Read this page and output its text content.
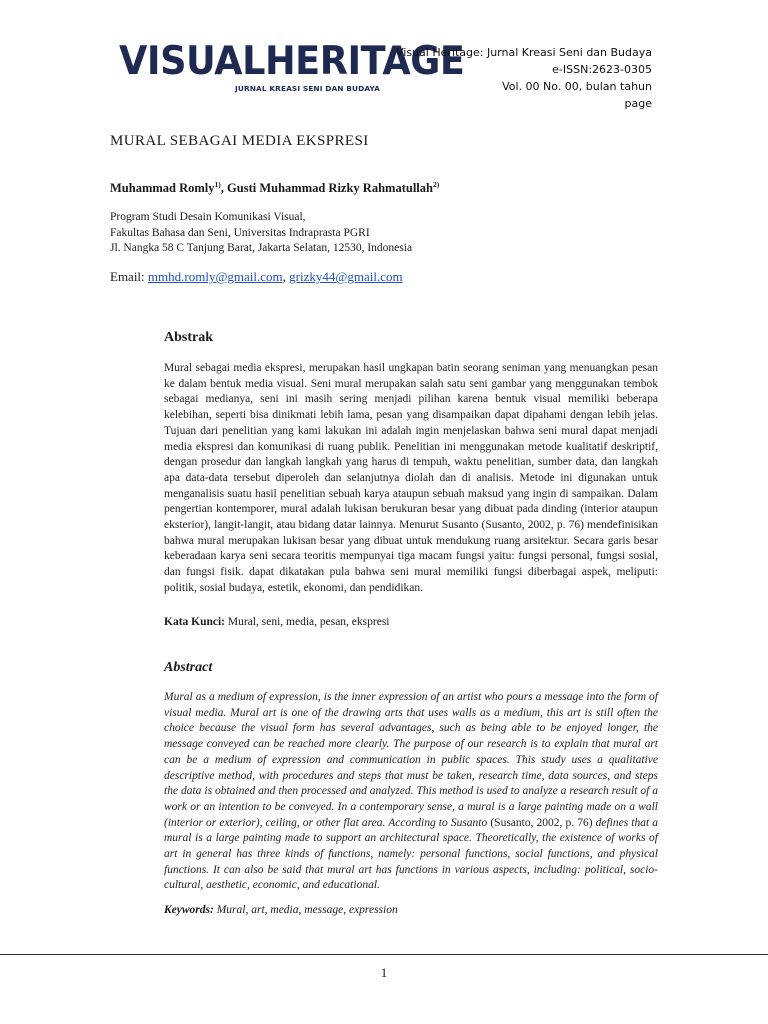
VISUALHERITAGE
JURNAL KREASI SENI DAN BUDAYA
Visual Heritage: Jurnal Kreasi Seni dan Budaya
e-ISSN:2623-0305
Vol. 00 No. 00, bulan tahun
page
MURAL SEBAGAI MEDIA EKSPRESI
Muhammad Romly$^{1)}$, Gusti Muhammad Rizky Rahmatullah$^{2)}$
Program Studi Desain Komunikasi Visual,
Fakultas Bahasa dan Seni, Universitas Indraprasta PGRI
Jl. Nangka 58 C Tanjung Barat, Jakarta Selatan, 12530, Indonesia
Email: mmhd.romly@gmail.com, grizky44@gmail.com
Abstrak
Mural sebagai media ekspresi, merupakan hasil ungkapan batin seorang seniman yang menuangkan pesan ke dalam bentuk media visual. Seni mural merupakan salah satu seni gambar yang menggunakan tembok sebagai medianya, seni ini masih sering menjadi pilihan karena bentuk visual memiliki beberapa kelebihan, seperti bisa dinikmati lebih lama, pesan yang disampaikan dapat dipahami dengan lebih jelas. Tujuan dari penelitian yang kami lakukan ini adalah ingin menjelaskan bahwa seni mural dapat menjadi media ekspresi dan komunikasi di ruang publik. Penelitian ini menggunakan metode kualitatif deskriptif, dengan prosedur dan langkah langkah yang harus di tempuh, waktu penelitian, sumber data, dan langkah apa data-data tersebut diperoleh dan selanjutnya diolah dan di analisis. Metode ini digunakan untuk menganalisis suatu hasil penelitian sebuah karya ataupun sebuah maksud yang ingin di sampaikan. Dalam pengertian kontemporer, mural adalah lukisan berukuran besar yang dibuat pada dinding (interior ataupun eksterior), langit-langit, atau bidang datar lainnya. Menurut Susanto (Susanto, 2002, p. 76) mendefinisikan bahwa mural merupakan lukisan besar yang dibuat untuk mendukung ruang arsitektur. Secara garis besar keberadaan karya seni secara teoritis mempunyai tiga macam fungsi yaitu: fungsi personal, fungsi sosial, dan fungsi fisik. dapat dikatakan pula bahwa seni mural memiliki fungsi diberbagai aspek, meliputi: politik, sosial budaya, estetik, ekonomi, dan pendidikan.
Kata Kunci: Mural, seni, media, pesan, ekspresi
Abstract
Mural as a medium of expression, is the inner expression of an artist who pours a message into the form of visual media. Mural art is one of the drawing arts that uses walls as a medium, this art is still often the choice because the visual form has several advantages, such as being able to be enjoyed longer, the message conveyed can be reached more clearly. The purpose of our research is to explain that mural art can be a medium of expression and communication in public spaces. This study uses a qualitative descriptive method, with procedures and steps that must be taken, research time, data sources, and steps the data is obtained and then processed and analyzed. This method is used to analyze a research result of a work or an intention to be conveyed. In a contemporary sense, a mural is a large painting made on a wall (interior or exterior), ceiling, or other flat area. According to Susanto (Susanto, 2002, p. 76) defines that a mural is a large painting made to support an architectural space. Theoretically, the existence of works of art in general has three kinds of functions, namely: personal functions, social functions, and physical functions. It can also be said that mural art has functions in various aspects, including: political, socio-cultural, aesthetic, economic, and educational.
Keywords: Mural, art, media, message, expression
1
